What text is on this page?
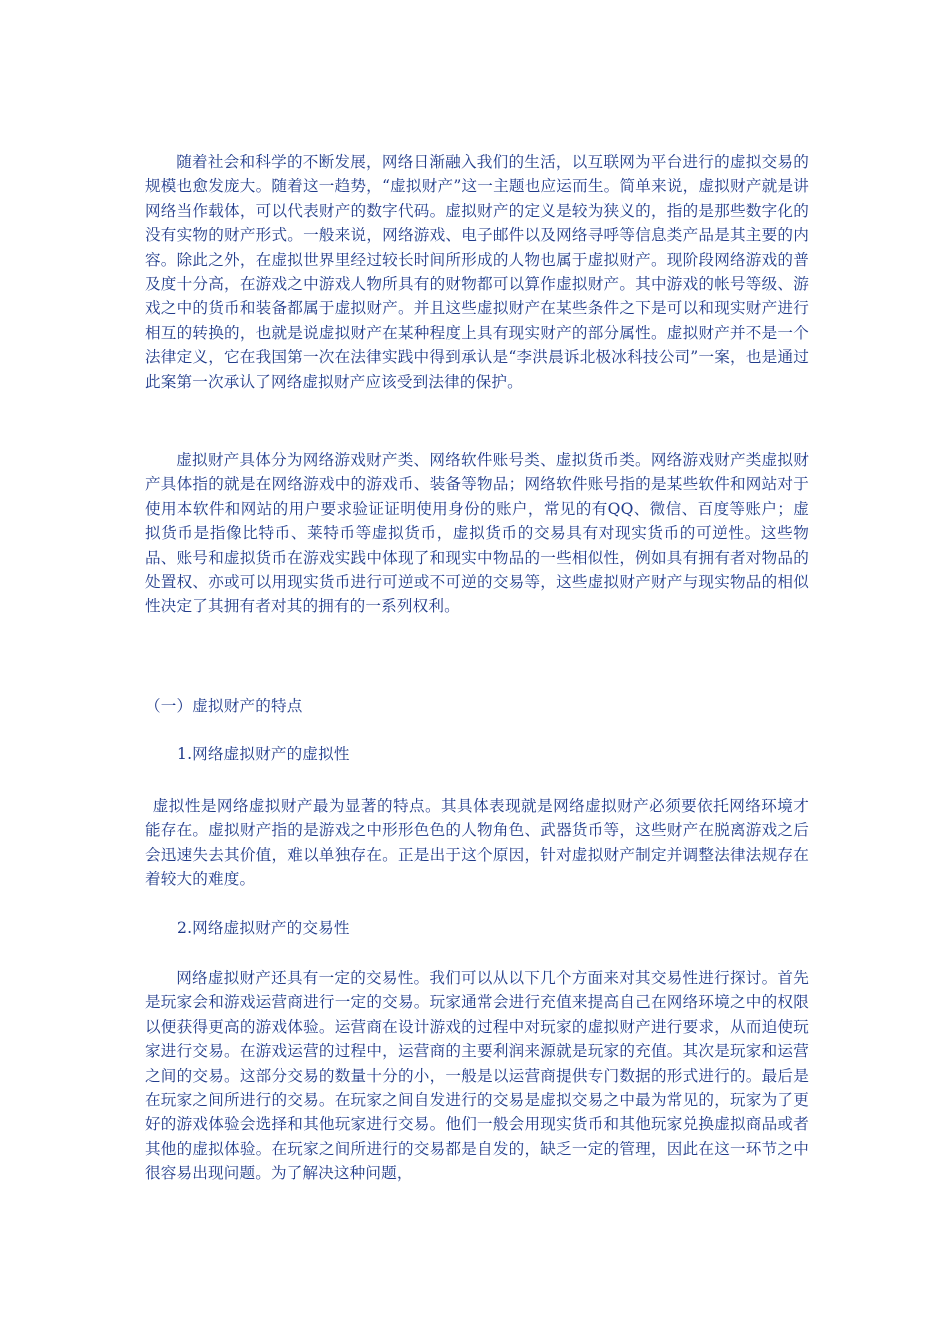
随着社会和科学的不断发展，网络日渐融入我们的生活，以互联网为平台进行的虚拟交易的规模也愈发庞大。随着这一趋势，“虚拟财产”这一主题也应运而生。简单来说，虚拟财产就是讲网络当作载体，可以代表财产的数字代码。虚拟财产的定义是较为狭义的，指的是那些数字化的没有实物的财产形式。一般来说，网络游戏、电子邮件以及网络寻呼等信息类产品是其主要的内容。除此之外，在虚拟世界里经过较长时间所形成的人物也属于虚拟财产。现阶段网络游戏的普及度十分高，在游戏之中游戏人物所具有的财物都可以算作虚拟财产。其中游戏的帐号等级、游戏之中的货币和装备都属于虚拟财产。并且这些虚拟财产在某些条件之下是可以和现实财产进行相互的转换的，也就是说虚拟财产在某种程度上具有现实财产的部分属性。虚拟财产并不是一个法律定义，它在我国第一次在法律实践中得到承认是“李洪晨诉北极冰科技公司”一案，也是通过此案第一次承认了网络虚拟财产应该受到法律的保护。

虚拟财产具体分为网络游戏财产类、网络软件账号类、虚拟货币类。网络游戏财产类虚拟财产具体指的就是在网络游戏中的游戏币、装备等物品；网络软件账号指的是某些软件和网站对于使用本软件和网站的用户要求验证证明使用身份的账户，常见的有QQ、微信、百度等账户；虚拟货币是指像比特币、莱特币等虚拟货币，虚拟货币的交易具有对现实货币的可逆性。这些物品、账号和虚拟货币在游戏实践中体现了和现实中物品的一些相似性，例如具有拥有者对物品的处置权、亦或可以用现实货币进行可逆或不可逆的交易等，这些虚拟财产财产与现实物品的相似性决定了其拥有者对其的拥有的一系列权利。

（一）虚拟财产的特点

1.网络虚拟财产的虚拟性

虚拟性是网络虚拟财产最为显著的特点。其具体表现就是网络虚拟财产必须要依托网络环境才能存在。虚拟财产指的是游戏之中形形色色的人物角色、武器货币等，这些财产在脱离游戏之后会迅速失去其价值，难以单独存在。正是出于这个原因，针对虚拟财产制定并调整法律法规存在着较大的难度。

2.网络虚拟财产的交易性

网络虚拟财产还具有一定的交易性。我们可以从以下几个方面来对其交易性进行探讨。首先是玩家会和游戏运营商进行一定的交易。玩家通常会进行充值来提高自己在网络环境之中的权限以便获得更高的游戏体验。运营商在设计游戏的过程中对玩家的虚拟财产进行要求，从而迫使玩家进行交易。在游戏运营的过程中，运营商的主要利润来源就是玩家的充值。其次是玩家和运营之间的交易。这部分交易的数量十分的小，一般是以运营商提供专门数据的形式进行的。最后是在玩家之间所进行的交易。在玩家之间自发进行的交易是虚拟交易之中最为常见的，玩家为了更好的游戏体验会选择和其他玩家进行交易。他们一般会用现实货币和其他玩家兑换虚拟商品或者其他的虚拟体验。在玩家之间所进行的交易都是自发的，缺乏一定的管理，因此在这一环节之中很容易出现问题。为了解决这种问题，
